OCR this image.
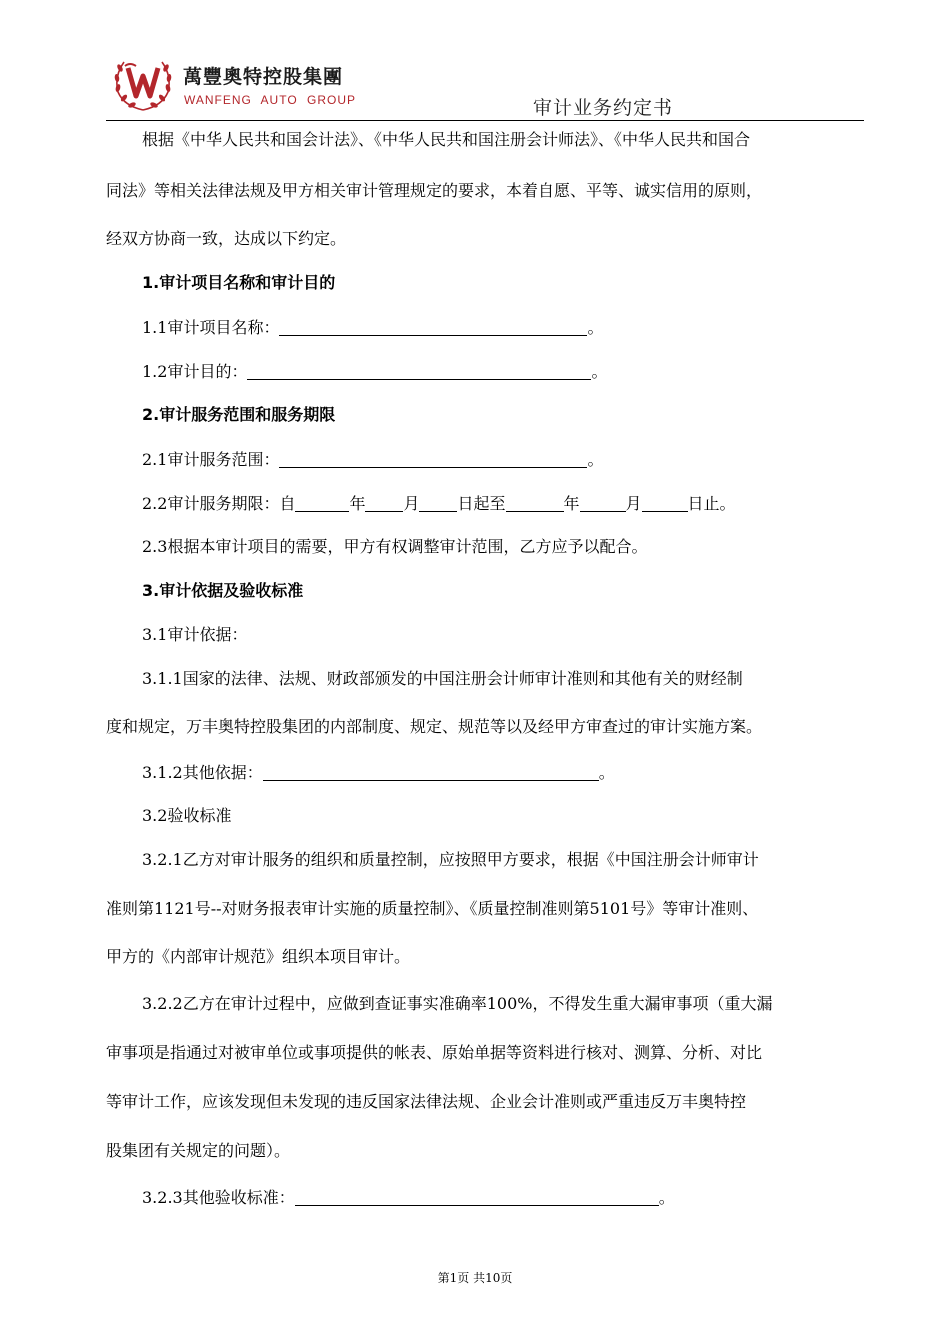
萬豐奧特控股集團
WANFENG AUTO GROUP	审计业务约定书
根据《中华人民共和国会计法》、《中华人民共和国注册会计师法》、《中华人民共和国合
同法》等相关法律法规及甲方相关审计管理规定的要求，本着自愿、平等、诚实信用的原则，
经双方协商一致，达成以下约定。
1.审计项目名称和审计目的
1.1审计项目名称：	。
1.2审计目的：	。
2.审计服务范围和服务期限
2.1审计服务范围：	。
2.2审计服务期限：自	年 月 日起至	年	月	日止。
2.3根据本审计项目的需要，甲方有权调整审计范围，乙方应予以配合。
3.审计依据及验收标准
3.1审计依据：
3.1.1国家的法律、法规、财政部颁发的中国注册会计师审计准则和其他有关的财经制
度和规定，万丰奥特控股集团的内部制度、规定、规范等以及经甲方审查过的审计实施方案。
3.1.2其他依据：	。
3.2验收标准
3.2.1乙方对审计服务的组织和质量控制，应按照甲方要求，根据《中国注册会计师审计
准则第1121号--对财务报表审计实施的质量控制》、《质量控制准则第5101号》等审计准则、
甲方的《内部审计规范》组织本项目审计。
3.2.2乙方在审计过程中，应做到查证事实准确率100%，不得发生重大漏审事项（重大漏
审事项是指通过对被审单位或事项提供的帐表、原始单据等资料进行核对、测算、分析、对比
等审计工作，应该发现但未发现的违反国家法律法规、企业会计准则或严重违反万丰奥特控
股集团有关规定的问题）。
3.2.3其他验收标准：	。
第1页 共10页
